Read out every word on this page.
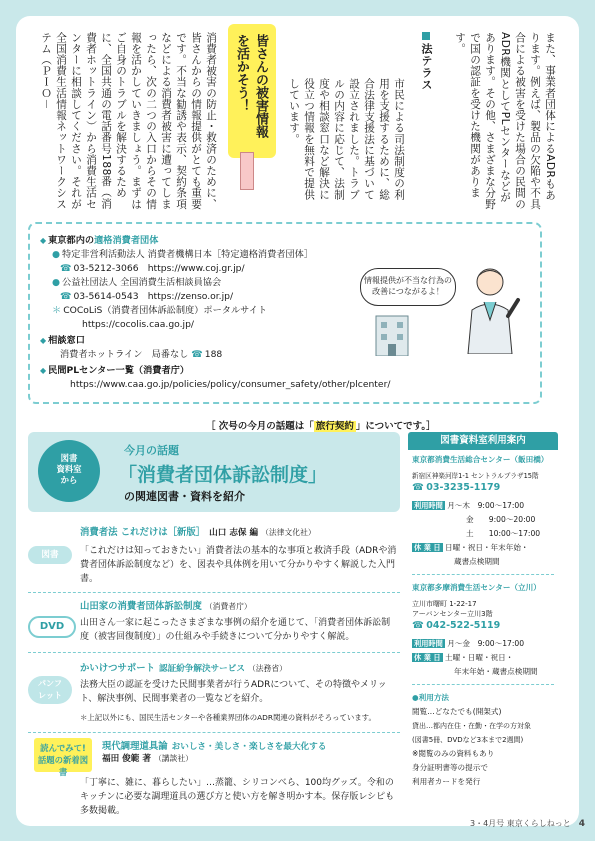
また、事業者団体によるADRもあります。例えば、製品の欠陥や不具合による被害を受けた場合の民間のADR機関としてPLセンターなどがあります。その他、さまざまな分野で国の認証を受けた機関があります。

法テラス

市民による司法制度の利用を支援するために、総合法律支援法に基づいて設立されました。トラブルの内容に応じて、法制度や相談窓口など解決に役立つ情報を無料で提供しています。

皆さんの被害情報を活かそう！

消費者被害の防止・救済のために、皆さんからの情報提供がとても重要です。不当な勧誘や表示、契約条項などによる消費者被害に遭ってしまったら、次の二つの入口からその情報を活かしていきましょう。まずはご自身のトラブルを解決するために、全国共通の電話番号188番（消費者ホットライン）から消費生活センターに相談してください。それが全国消費生活情報ネットワークシステム（ＰＩＯ－

◆ 東京都内の適格消費者団体
● 特定非営利活動法人 消費者機構日本［特定適格消費者団体］
☎ 03-5212-3066　https://www.coj.gr.jp/
● 公益社団法人 全国消費生活相談員協会
☎ 03-5614-0543　https://zenso.or.jp/
＊ COCoLiS（消費者団体訴訟制度）ポータルサイト
https://cocolis.caa.go.jp/
◆ 相談窓口
消費者ホットライン　局番なし ☎ 188
◆ 民間PLセンター一覧（消費者庁）
https://www.caa.go.jp/policies/policy/consumer_safety/other/plcenter/
情報提供が不当な行為の改善につながるよ！
［ 次号の今月の話題は「 旅行契約 」についてです。］
図書
資料室
から
今月の話題
「消費者団体訴訟制度」
の関連図書・資料を紹介
図書
消費者法 これだけは［新版］ 山口 志保 編 （法律文化社）
「これだけは知っておきたい」消費者法の基本的な事項と救済手段（ADRや消費者団体訴訟制度など）を、図表や具体例を用いて分かりやすく解説した入門書。
DVD
山田家の消費者団体訴訟制度 （消費者庁）
山田さん一家に起こったさまざまな事例の紹介を通じて、「消費者団体訴訟制度（被害回復制度）」の仕組みや手続きについて分かりやすく解説。
パンフ
レット
かいけつサポート 認証紛争解決サービス （法務省）
法務大臣の認証を受けた民間事業者が行うADRについて、その特徴やメリット、解決事例、民間事業者の一覧などを紹介。
＊上記以外にも、国民生活センターや各種業界団体のADR関連の資料がそろっています。
読んでみて!
話題の新着図書
現代調理道具論 おいしさ・美しさ・楽しさを最大化する
福田 俊範 著 （講談社）
「丁寧に、雑に、暮らしたい」…蒸籠、シリコンべら、100均グッズ。令和のキッチンに必要な調理道具の選び方と使い方を解き明かす本。保存版レシピも多数掲載。
図書資料室利用案内
東京都消費生活総合センター（飯田橋）
新宿区神楽河岸1-1 セントラルプラザ15階
☎ 03-3235-1179
利用時間 月～木　 9:00～17:00
金　　 9:00～20:00
土　　 10:00～17:00
休 業 日 日曜・祝日・年末年始・
蔵書点検期間
東京都多摩消費生活センター（立川）
立川市曙町 1-22-17
アーバンセンター立川3階
☎ 042-522-5119
利用時間 月～金　 9:00～17:00
休 業 日 土曜・日曜・祝日・
年末年始・蔵書点検期間
●利用方法
閲覧…どなたでも(開架式)
貸出…都内在住・在勤・在学の方対象
(図書5冊、DVDなど3本まで2週間)
※閲覧のみの資料もあり
身分証明書等の提示で
利用者カードを発行
3・4月号 東京くらしねっと 4
